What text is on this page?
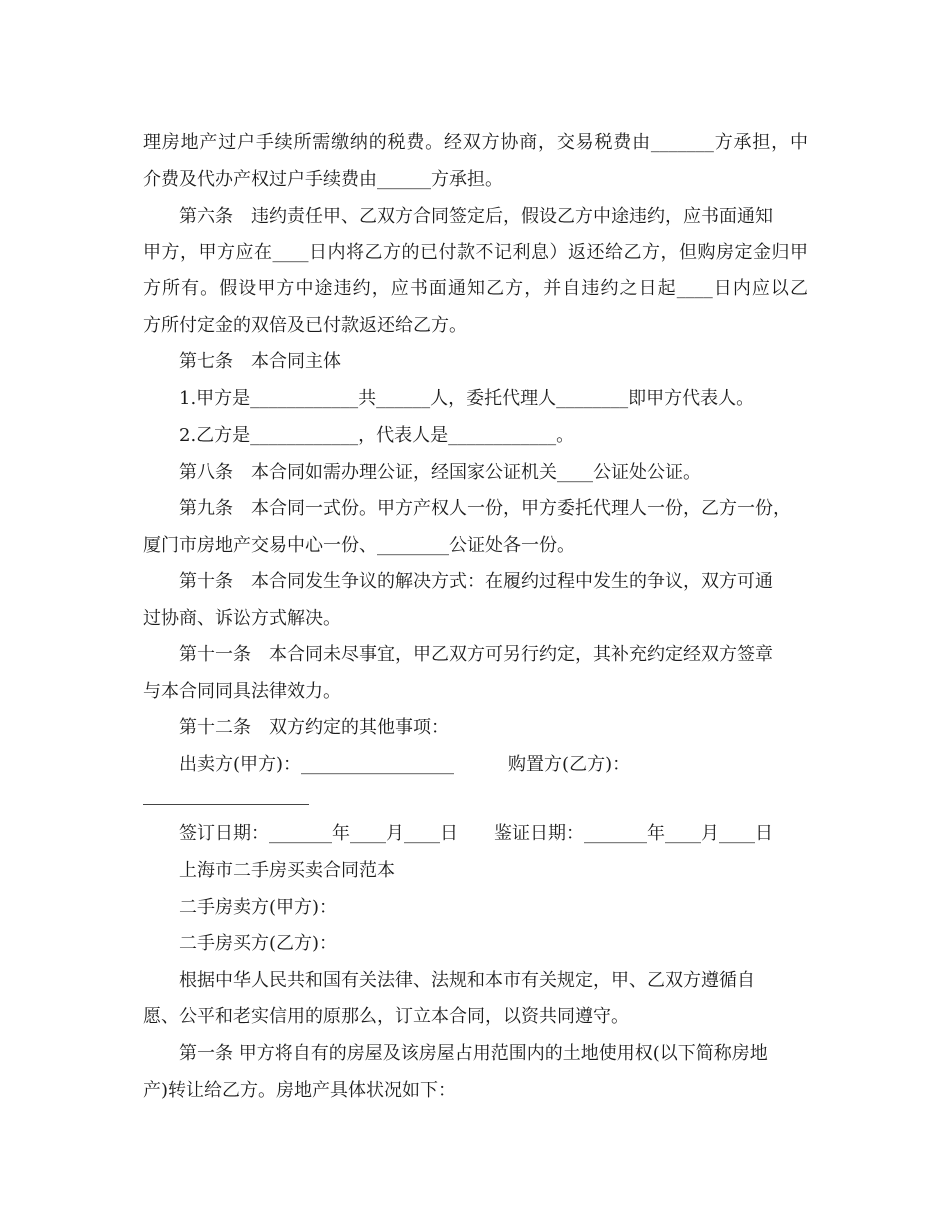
理房地产过户手续所需缴纳的税费。经双方协商，交易税费由_______方承担，中
介费及代办产权过户手续费由______方承担。
第六条　违约责任甲、乙双方合同签定后，假设乙方中途违约，应书面通知
甲方，甲方应在____日内将乙方的已付款不记利息）返还给乙方，但购房定金归甲
方所有。假设甲方中途违约，应书面通知乙方，并自违约之日起____日内应以乙
方所付定金的双倍及已付款返还给乙方。
第七条　本合同主体
1.甲方是____________共______人，委托代理人________即甲方代表人。
2.乙方是____________，代表人是____________。
第八条　本合同如需办理公证，经国家公证机关____公证处公证。
第九条　本合同一式份。甲方产权人一份，甲方委托代理人一份，乙方一份，
厦门市房地产交易中心一份、________公证处各一份。
第十条　本合同发生争议的解决方式：在履约过程中发生的争议，双方可通
过协商、诉讼方式解决。
第十一条　本合同未尽事宜，甲乙双方可另行约定，其补充约定经双方签章
与本合同同具法律效力。
第十二条　双方约定的其他事项：
出卖方(甲方)：_________________　　　购置方(乙方)：
签订日期：_______年____月____日　　鉴证日期：_______年____月____日
上海市二手房买卖合同范本
二手房卖方(甲方)：
二手房买方(乙方)：
根据中华人民共和国有关法律、法规和本市有关规定，甲、乙双方遵循自
愿、公平和老实信用的原那么，订立本合同，以资共同遵守。
第一条 甲方将自有的房屋及该房屋占用范围内的土地使用权(以下简称房地
产)转让给乙方。房地产具体状况如下：
